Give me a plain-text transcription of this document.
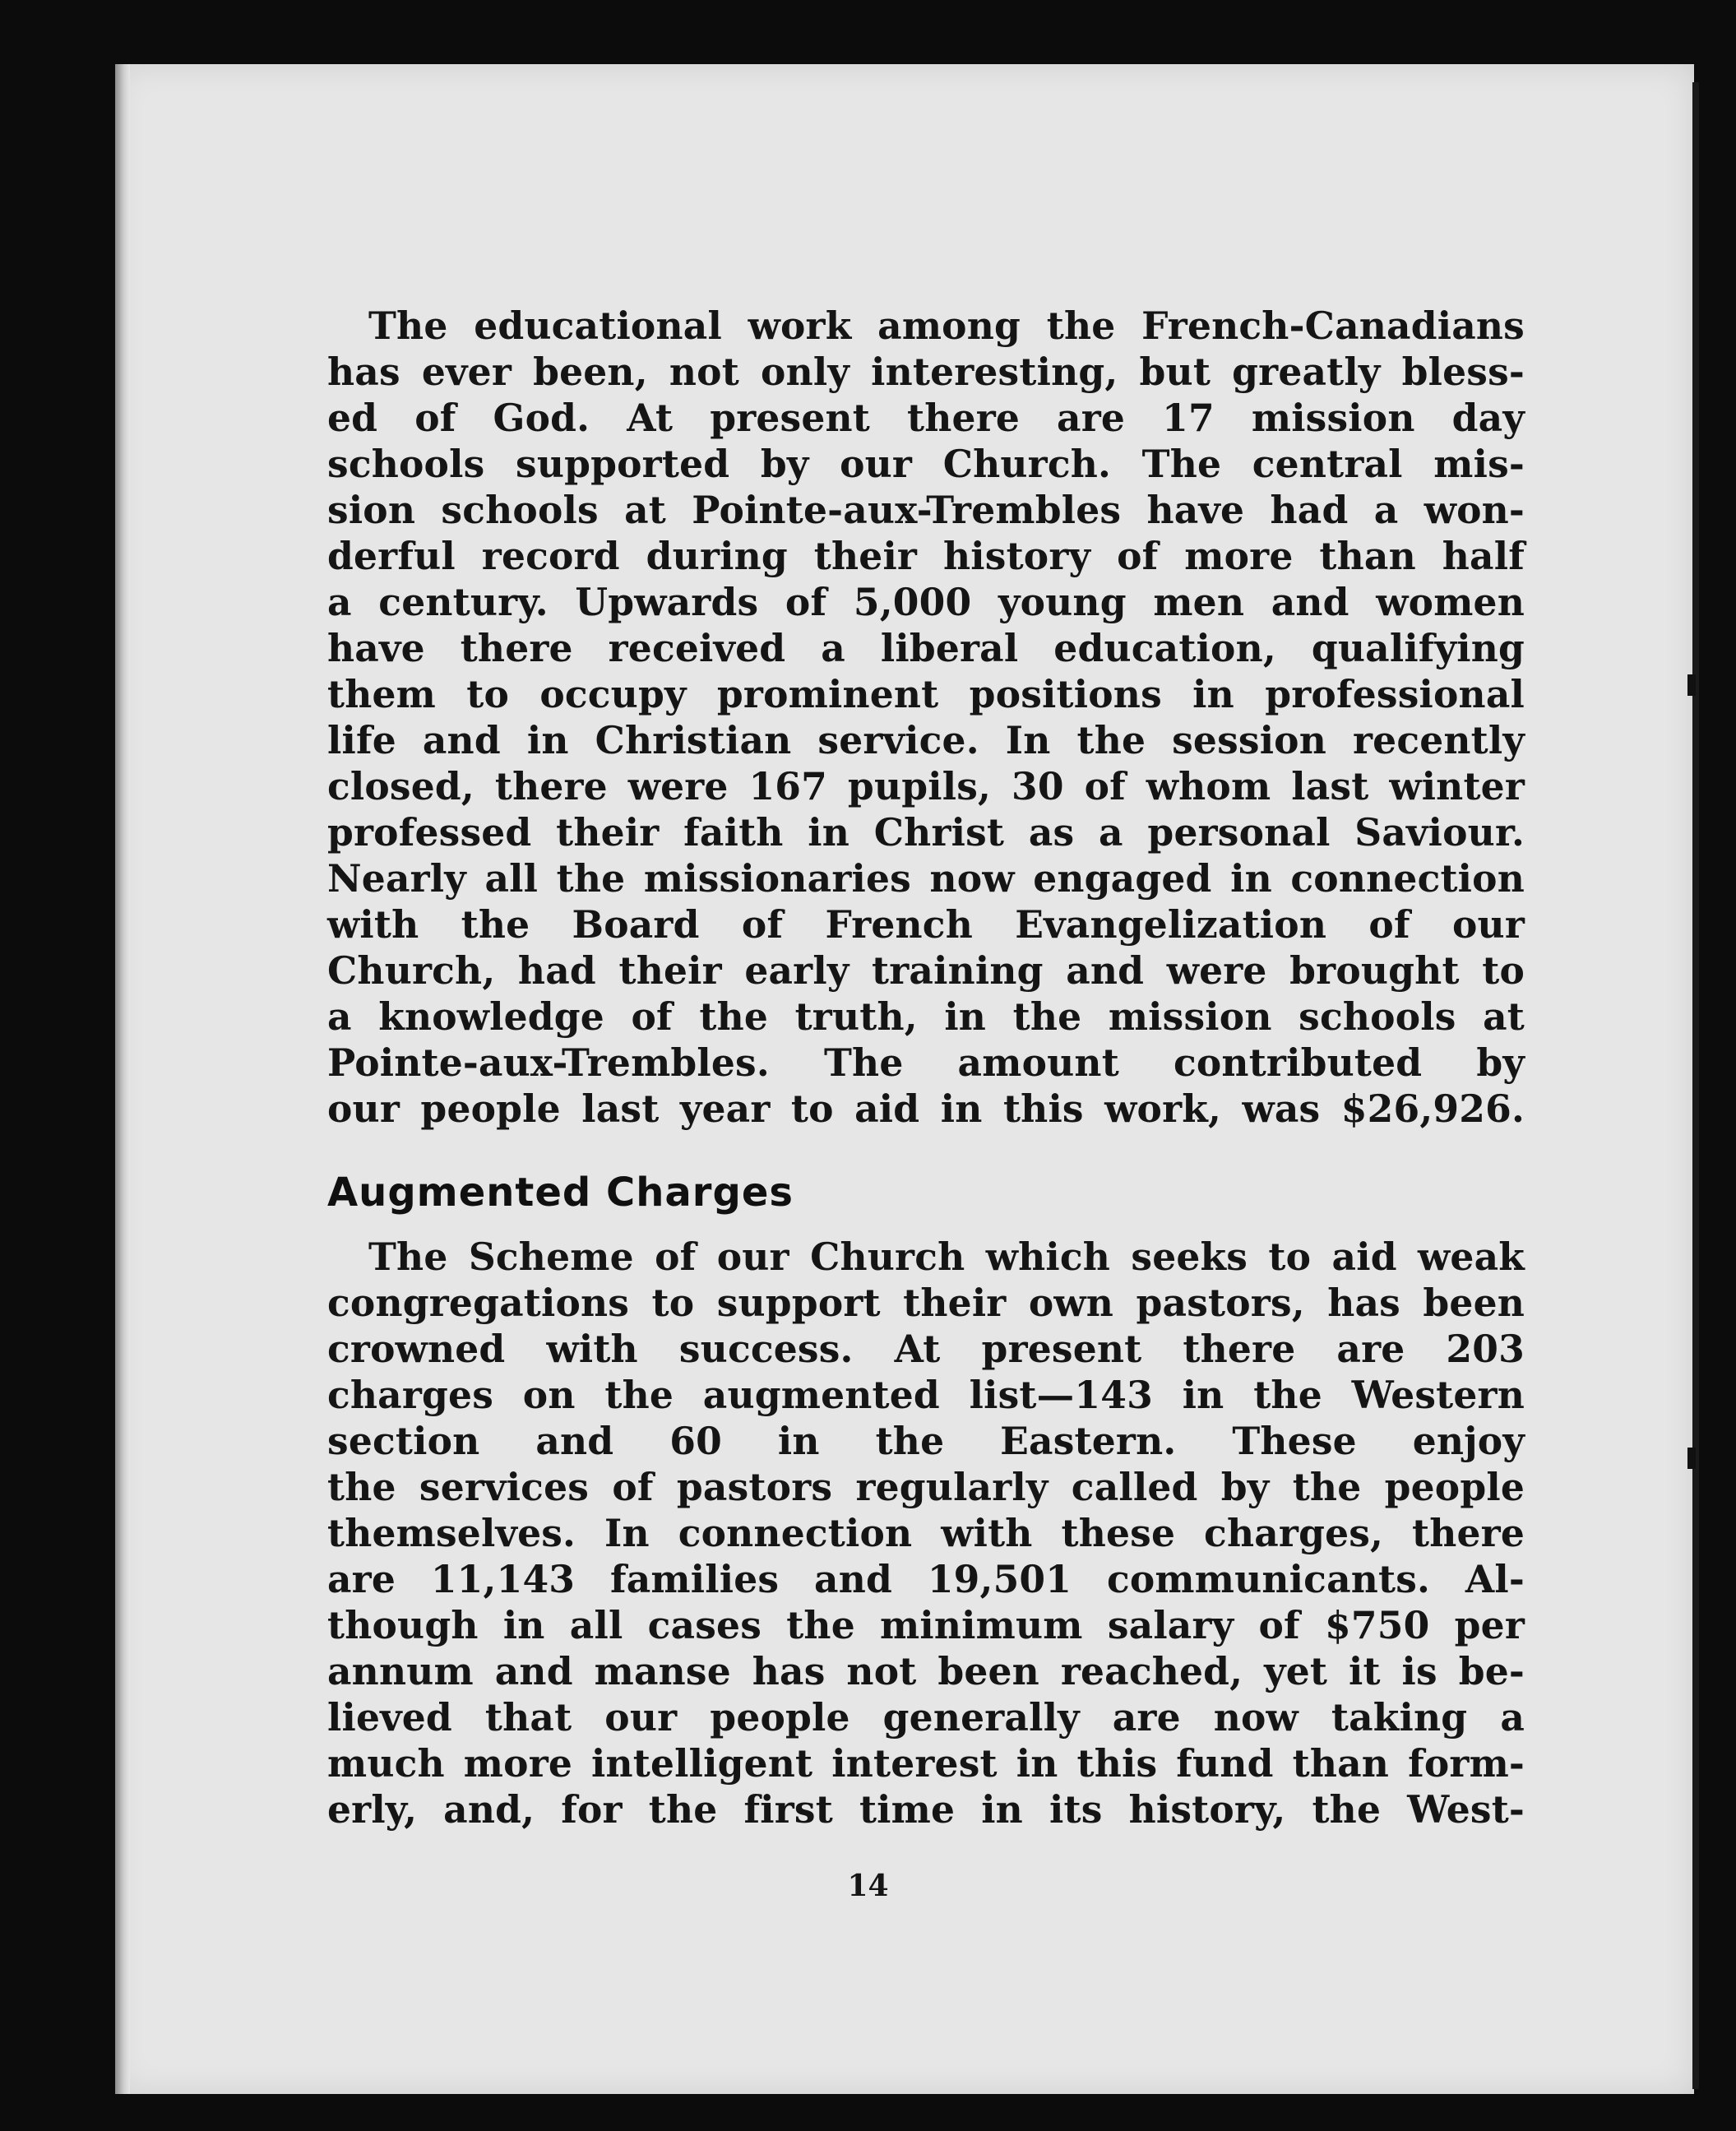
The educational work among the French-Canadians
has ever been, not only interesting, but greatly bless-
ed of God. At present there are 17 mission day
schools supported by our Church. The central mis-
sion schools at Pointe-aux-Trembles have had a won-
derful record during their history of more than half
a century. Upwards of 5,000 young men and women
have there received a liberal education, qualifying
them to occupy prominent positions in professional
life and in Christian service. In the session recently
closed, there were 167 pupils, 30 of whom last winter
professed their faith in Christ as a personal Saviour.
Nearly all the missionaries now engaged in connection
with the Board of French Evangelization of our
Church, had their early training and were brought to
a knowledge of the truth, in the mission schools at
Pointe-aux-Trembles. The amount contributed by
our people last year to aid in this work, was $26,926.

Augmented Charges

The Scheme of our Church which seeks to aid weak
congregations to support their own pastors, has been
crowned with success. At present there are 203
charges on the augmented list—143 in the Western
section and 60 in the Eastern. These enjoy
the services of pastors regularly called by the people
themselves. In connection with these charges, there
are 11,143 families and 19,501 communicants. Al-
though in all cases the minimum salary of $750 per
annum and manse has not been reached, yet it is be-
lieved that our people generally are now taking a
much more intelligent interest in this fund than form-
erly, and, for the first time in its history, the West-

14
